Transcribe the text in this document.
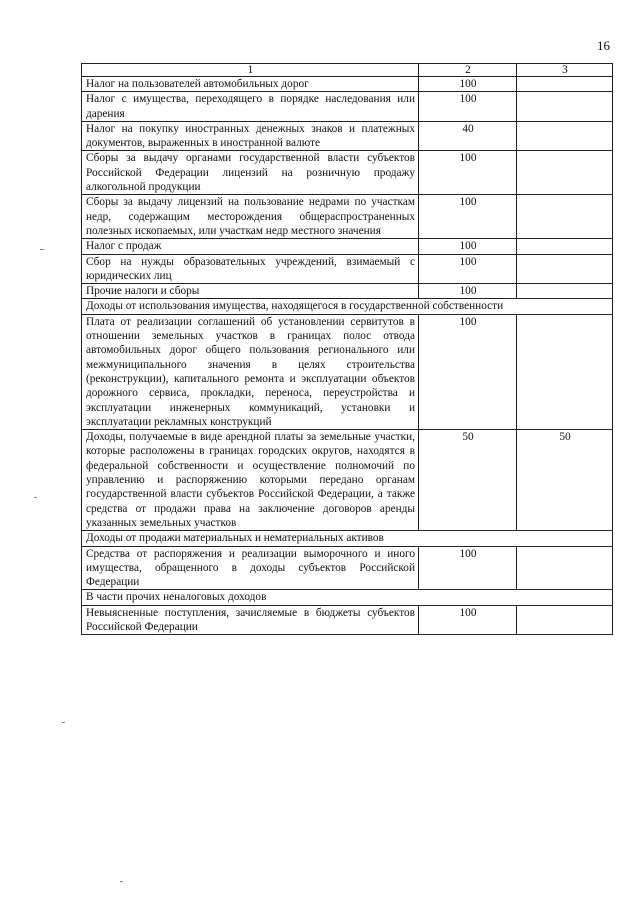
16
1	2	3
Налог на пользователей автомобильных дорог	100	
Налог с имущества, переходящего в порядке наследования или дарения	100	
Налог на покупку иностранных денежных знаков и платежных документов, выраженных в иностранной валюте	40	
Сборы за выдачу органами государственной власти субъектов Российской Федерации лицензий на розничную продажу алкогольной продукции	100	
Сборы за выдачу лицензий на пользование недрами по участкам недр, содержащим месторождения общераспространенных полезных ископаемых, или участкам недр местного значения	100	
Налог с продаж	100	
Сбор на нужды образовательных учреждений, взимаемый с юридических лиц	100	
Прочие налоги и сборы	100	
Доходы от использования имущества, находящегося в государственной собственности		
Плата от реализации соглашений об установлении сервитутов в отношении земельных участков в границах полос отвода автомобильных дорог общего пользования регионального или межмуниципального значения в целях строительства (реконструкции), капитального ремонта и эксплуатации объектов дорожного сервиса, прокладки, переноса, переустройства и эксплуатации инженерных коммуникаций, установки и эксплуатации рекламных конструкций	100	
Доходы, получаемые в виде арендной платы за земельные участки, которые расположены в границах городских округов, находятся в федеральной собственности и осуществление полномочий по управлению и распоряжению которыми передано органам государственной власти субъектов Российской Федерации, а также средства от продажи права на заключение договоров аренды указанных земельных участков	50	50
Доходы от продажи материальных и нематериальных активов		
Средства от распоряжения и реализации выморочного и иного имущества, обращенного в доходы субъектов Российской Федерации	100	
В части прочих неналоговых доходов		
Невыясненные поступления, зачисляемые в бюджеты субъектов Российской Федерации	100	
